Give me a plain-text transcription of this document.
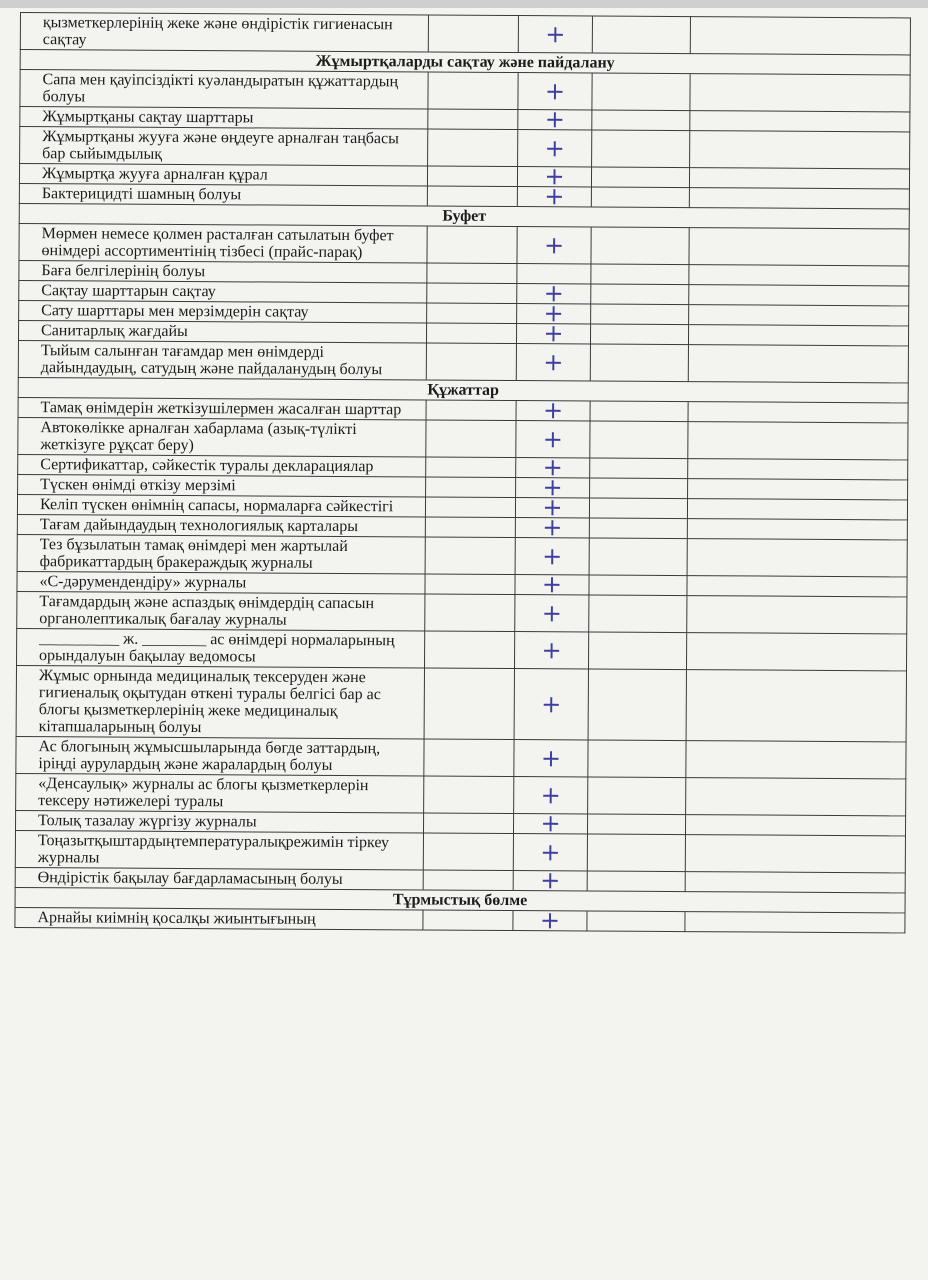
қызметкерлерінің жеке және өндірістік гигиенасын сақтау		+		
Жұмыртқаларды сақтау және пайдалану				
Сапа мен қауіпсіздікті куәландыратын құжаттардың болуы		+		
Жұмыртқаны сақтау шарттары		+		
Жұмыртқаны жууға және өңдеуге арналған таңбасы бар сыйымдылық		+		
Жұмыртқа жууға арналған құрал		+		
Бактерицидті шамның болуы		+		
Буфет				
Мөрмен немесе қолмен расталған сатылатын буфет өнімдері ассортиментінің тізбесі (прайс-парақ)		+		
Баға белгілерінің болуы				
Сақтау шарттарын сақтау		+		
Сату шарттары мен мерзімдерін сақтау		+		
Санитарлық жағдайы		+		
Тыйым салынған тағамдар мен өнімдерді дайындаудың, сатудың және пайдаланудың болуы		+		
Құжаттар				
Тамақ өнімдерін жеткізушілермен жасалған шарттар		+		
Автокөлікке арналған хабарлама (азық-түлікті жеткізуге рұқсат беру)		+		
Сертификаттар, сәйкестік туралы декларациялар		+		
Түскен өнімді өткізу мерзімі		+		
Келіп түскен өнімнің сапасы, нормаларға сәйкестігі		+		
Тағам дайындаудың технологиялық карталары		+		
Тез бұзылатын тамақ өнімдері мен жартылай фабрикаттардың бракераждық журналы		+		
«С-дәрумендендіру» журналы		+		
Тағамдардың және аспаздық өнімдердің сапасын органолептикалық бағалау журналы		+		
__________ ж. ________ ас өнімдері нормаларының орындалуын бақылау ведомосы		+		
Жұмыс орнында медициналық тексеруден және гигиеналық оқытудан өткені туралы белгісі бар ас блогы қызметкерлерінің жеке медициналық кітапшаларының болуы		+		
Ас блогының жұмысшыларында бөгде заттардың, іріңді аурулардың және жаралардың болуы		+		
«Денсаулық» журналы ас блогы қызметкерлерін тексеру нәтижелері туралы		+		
Толық тазалау жүргізу журналы		+		
Тоңазытқыштардыңтемпературалықрежимін тіркеу журналы		+		
Өндірістік бақылау бағдарламасының болуы		+		
Тұрмыстық бөлме				
Арнайы киімнің қосалқы жиынтығының		+		
